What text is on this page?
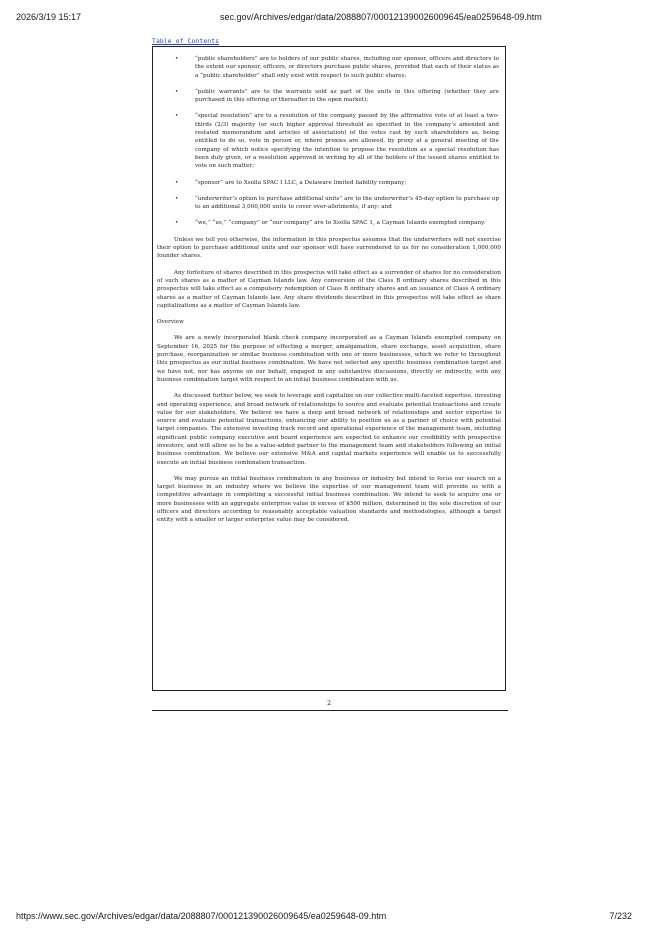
2026/3/19 15:17	sec.gov/Archives/edgar/data/2088807/000121390026009645/ea0259648-09.htm
Table of Contents
•	“public shareholders” are to holders of our public shares, including our sponsor, officers and directors to the extent our sponsor, officers, or directors purchase public shares, provided that each of their status as a “public shareholder” shall only exist with respect to such public shares;
•	“public warrants” are to the warrants sold as part of the units in this offering (whether they are purchased in this offering or thereafter in the open market);
•	“special resolution” are to a resolution of the company passed by the affirmative vote of at least a two-thirds (2/3) majority (or such higher approval threshold as specified in the company’s amended and restated memorandum and articles of association) of the votes cast by such shareholders as, being entitled to do so, vote in person or, where proxies are allowed, by proxy at a general meeting of the company of which notice specifying the intention to propose the resolution as a special resolution has been duly given, or a resolution approved in writing by all of the holders of the issued shares entitled to vote on such matter;
•	“sponsor” are to Xsolla SPAC I LLC, a Delaware limited liability company;
•	“underwriter’s option to purchase additional units” are to the underwriter’s 45-day option to purchase up to an additional 3,000,000 units to cover over-allotments, if any; and
•	“we,” “us,” “company” or “our company” are to Xsolla SPAC 1, a Cayman Islands exempted company.

Unless we tell you otherwise, the information in this prospectus assumes that the underwriters will not exercise their option to purchase additional units and our sponsor will have surrendered to us for no consideration 1,000,000 founder shares.

Any forfeiture of shares described in this prospectus will take effect as a surrender of shares for no consideration of such shares as a matter of Cayman Islands law. Any conversion of the Class B ordinary shares described in this prospectus will take effect as a compulsory redemption of Class B ordinary shares and an issuance of Class A ordinary shares as a matter of Cayman Islands law. Any share dividends described in this prospectus will take effect as share capitalizations as a matter of Cayman Islands law.

Overview

We are a newly incorporated blank check company incorporated as a Cayman Islands exempted company on September 16, 2025 for the purpose of effecting a merger, amalgamation, share exchange, asset acquisition, share purchase, reorganization or similar business combination with one or more businesses, which we refer to throughout this prospectus as our initial business combination. We have not selected any specific business combination target and we have not, nor has anyone on our behalf, engaged in any substantive discussions, directly or indirectly, with any business combination target with respect to an initial business combination with us.

As discussed further below, we seek to leverage and capitalize on our collective multi-faceted expertise, investing and operating experience, and broad network of relationships to source and evaluate potential transactions and create value for our stakeholders. We believe we have a deep and broad network of relationships and sector expertise to source and evaluate potential transactions, enhancing our ability to position us as a partner of choice with potential target companies. The extensive investing track record and operational experience of the management team, including significant public company executive and board experience are expected to enhance our credibility with prospective investors, and will allow us to be a value-added partner to the management team and stakeholders following an initial business combination. We believe our extensive M&A and capital markets experience will enable us to successfully execute an initial business combination transaction.

We may pursue an initial business combination in any business or industry but intend to focus our search on a target business in an industry where we believe the expertise of our management team will provide us with a competitive advantage in completing a successful initial business combination. We intend to seek to acquire one or more businesses with an aggregate enterprise value in excess of $500 million, determined in the sole discretion of our officers and directors according to reasonably acceptable valuation standards and methodologies, although a target entity with a smaller or larger enterprise value may be considered.

2
https://www.sec.gov/Archives/edgar/data/2088807/000121390026009645/ea0259648-09.htm	7/232
